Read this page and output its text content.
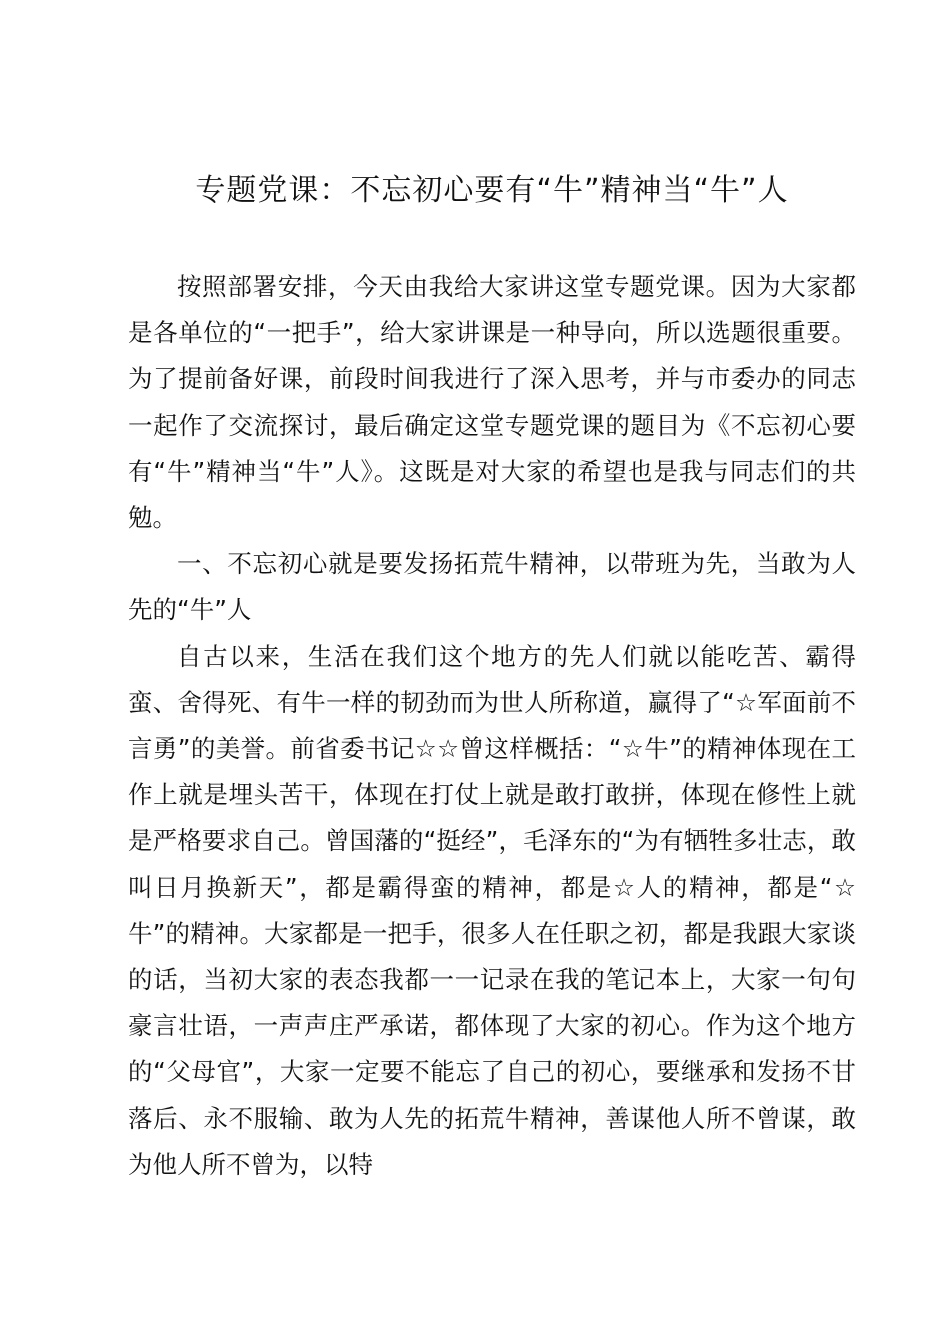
专题党课：不忘初心要有“牛”精神当“牛”人

按照部署安排，今天由我给大家讲这堂专题党课。因为大家都是各单位的“一把手”，给大家讲课是一种导向，所以选题很重要。为了提前备好课，前段时间我进行了深入思考，并与市委办的同志一起作了交流探讨，最后确定这堂专题党课的题目为《不忘初心要有“牛”精神当“牛”人》。这既是对大家的希望也是我与同志们的共勉。

一、不忘初心就是要发扬拓荒牛精神，以带班为先，当敢为人先的“牛”人

自古以来，生活在我们这个地方的先人们就以能吃苦、霸得蛮、舍得死、有牛一样的韧劲而为世人所称道，赢得了“☆军面前不言勇”的美誉。前省委书记☆☆曾这样概括：“☆牛”的精神体现在工作上就是埋头苦干，体现在打仗上就是敢打敢拼，体现在修性上就是严格要求自己。曾国藩的“挺经”，毛泽东的“为有牺牲多壮志，敢叫日月换新天”，都是霸得蛮的精神，都是☆人的精神，都是“☆牛”的精神。大家都是一把手，很多人在任职之初，都是我跟大家谈的话，当初大家的表态我都一一记录在我的笔记本上，大家一句句豪言壮语，一声声庄严承诺，都体现了大家的初心。作为这个地方的“父母官”，大家一定要不能忘了自己的初心，要继承和发扬不甘落后、永不服输、敢为人先的拓荒牛精神，善谋他人所不曾谋，敢为他人所不曾为，以特
